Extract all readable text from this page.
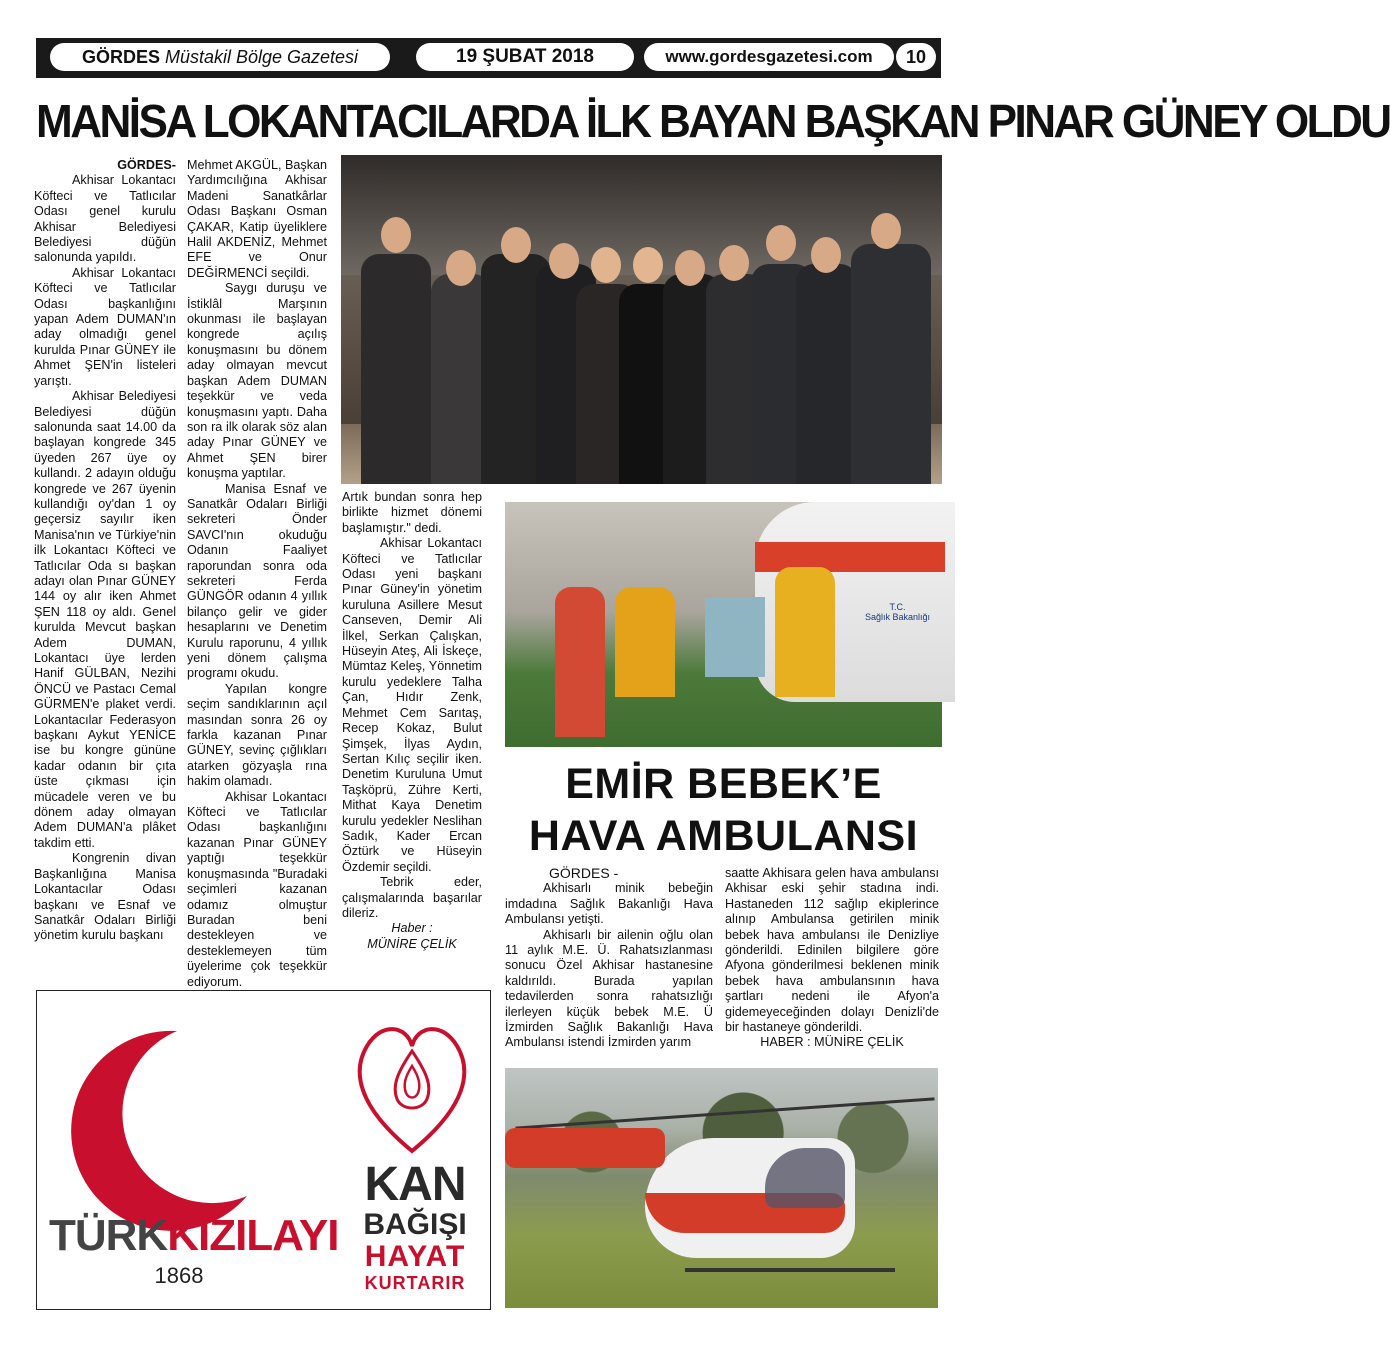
GÖRDES Müstakil Bölge Gazetesi	19 ŞUBAT 2018	www.gordesgazetesi.com	10
MANİSA LOKANTACILARDA İLK BAYAN BAŞKAN PINAR GÜNEY OLDU

GÖRDES-

Akhisar Lokantacı Köfteci ve Tatlıcılar Odası genel kurulu Akhisar Belediyesi Belediyesi düğün salonunda yapıldı.

Akhisar Lokantacı Köfteci ve Tatlıcılar Odası başkanlığını yapan Adem DUMAN'ın aday olmadığı genel kurulda Pınar GÜNEY ile Ahmet ŞEN'in listeleri yarıştı.

Akhisar Belediyesi Belediyesi düğün salonunda saat 14.00 da başlayan kongrede 345 üyeden 267 üye oy kullandı. 2 adayın olduğu kongrede ve 267 üyenin kullandığı oy'dan 1 oy geçersiz sayılır iken Manisa'nın ve Türkiye'nin ilk Lokantacı Köfteci ve Tatlıcılar Oda sı başkan adayı olan Pınar GÜNEY 144 oy alır iken Ahmet ŞEN 118 oy aldı. Genel kurulda Mevcut başkan Adem DUMAN, Lokantacı üye lerden Hanif GÜLBAN, Nezihi ÖNCÜ ve Pastacı Cemal GÜRMEN'e plaket verdi. Lokantacılar Federasyon başkanı Aykut YENİCE ise bu kongre gününe kadar odanın bir çıta üste çıkması için mücadele veren ve bu dönem aday olmayan Adem DUMAN'a plâket takdim etti.

Kongrenin divan Başkanlığına Manisa Lokantacılar Odası başkanı ve Esnaf ve Sanatkâr Odaları Birliği yönetim kurulu başkanı

Mehmet AKGÜL, Başkan Yardımcılığına Akhisar Madeni Sanatkârlar Odası Başkanı Osman ÇAKAR, Katip üyeliklere Halil AKDENİZ, Mehmet EFE ve Onur DEĞİRMENCİ seçildi.

Saygı duruşu ve İstiklâl Marşının okunması ile başlayan kongrede açılış konuşmasını bu dönem aday olmayan mevcut başkan Adem DUMAN teşekkür ve veda konuşmasını yaptı. Daha son ra ilk olarak söz alan aday Pınar GÜNEY ve Ahmet ŞEN birer konuşma yaptılar.

Manisa Esnaf ve Sanatkâr Odaları Birliği sekreteri Önder SAVCI'nın okuduğu Odanın Faaliyet raporundan sonra oda sekreteri Ferda GÜNGÖR odanın 4 yıllık bilanço gelir ve gider hesaplarını ve Denetim Kurulu raporunu, 4 yıllık yeni dönem çalışma programı okudu.

Yapılan kongre seçim sandıklarının açıl masından sonra 26 oy farkla kazanan Pınar GÜNEY, sevinç çığlıkları atarken gözyaşla rına hakim olamadı.

Akhisar Lokantacı Köfteci ve Tatlıcılar Odası başkanlığını kazanan Pınar GÜNEY yaptığı teşekkür konuşmasında "Buradaki seçimleri kazanan odamız olmuştur Buradan beni destekleyen ve desteklemeyen tüm üyelerime çok teşekkür ediyorum.

Artık bundan sonra hep birlikte hizmet dönemi başlamıştır." dedi.

Akhisar Lokantacı Köfteci ve Tatlıcılar Odası yeni başkanı Pınar Güney'in yönetim kuruluna Asillere Mesut Canseven, Demir Ali İlkel, Serkan Çalışkan, Hüseyin Ateş, Ali İskeçe, Mümtaz Keleş, Yönnetim kurulu yedeklere Talha Çan, Hıdır Zenk, Mehmet Cem Sarıtaş, Recep Kokaz, Bulut Şimşek, İlyas Aydın, Sertan Kılıç seçilir iken. Denetim Kuruluna Umut Taşköprü, Zühre Kerti, Mithat Kaya Denetim kurulu yedekler Neslihan Sadık, Kader Ercan Öztürk ve Hüseyin Özdemir seçildi.

Tebrik eder, çalışmalarında başarılar dileriz.

Haber :

MÜNİRE ÇELİK

T.C.
Sağlık Bakanlığı
EMİR BEBEK’E
HAVA AMBULANSI

GÖRDES -

Akhisarlı minik bebeğin imdadına Sağlık Bakanlığı Hava Ambulansı yetişti.

Akhisarlı bir ailenin oğlu olan 11 aylık M.E. Ü. Rahatsızlanması sonucu Özel Akhisar hastanesine kaldırıldı. Burada yapılan tedavilerden sonra rahatsızlığı ilerleyen küçük bebek M.E. Ü İzmirden Sağlık Bakanlığı Hava Ambulansı istendi İzmirden yarım

saatte Akhisara gelen hava ambulansı Akhisar eski şehir stadına indi. Hastaneden 112 sağlıp ekiplerince alınıp Ambulansa getirilen minik bebek hava ambulansı ile Denizliye gönderildi. Edinilen bilgilere göre Afyona gönderilmesi beklenen minik bebek hava ambulansının hava şartları nedeni ile Afyon'a gidemeyeceğinden dolayı Denizli'de bir hastaneye gönderildi.

HABER : MÜNİRE ÇELİK

TÜRKKIZILAYI
1868
KAN
BAĞIŞI
HAYAT
KURTARIR
